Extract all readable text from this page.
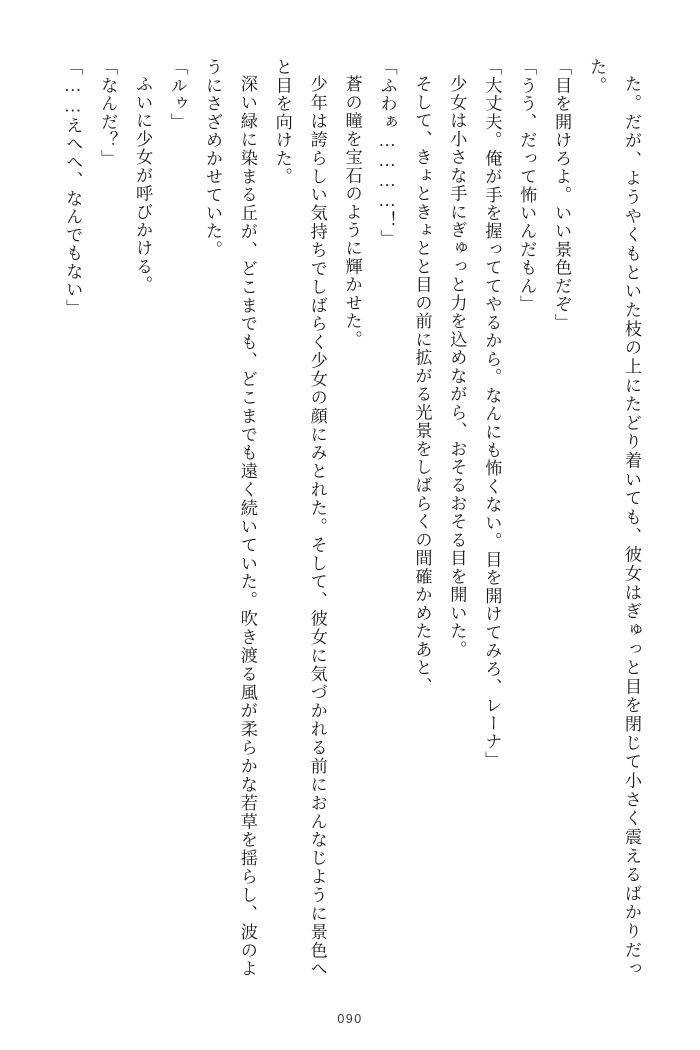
た。だが、ようやくもといた枝の上にたどり着いても、彼女はぎゅっと目を閉じて小さく震えるばかりだった。

「目を開けろよ。いい景色だぞ」

「うう、だって怖いんだもん」

「大丈夫。俺が手を握っててやるから。なんにも怖くない。目を開けてみろ、レーナ」

少女は小さな手にぎゅっと力を込めながら、おそるおそる目を開いた。

そして、きょときょとと目の前に拡がる光景をしばらくの間確かめたあと、

「ふわぁ…………！」

蒼の瞳を宝石のように輝かせた。

少年は誇らしい気持ちでしばらく少女の顔にみとれた。そして、彼女に気づかれる前におんなじように景色へと目を向けた。

深い緑に染まる丘が、どこまでも、どこまでも遠く続いていた。吹き渡る風が柔らかな若草を揺らし、波のようにさざめかせていた。

「ルゥ」

ふいに少女が呼びかける。

「なんだ？」

「……えへへ、なんでもない」

090
